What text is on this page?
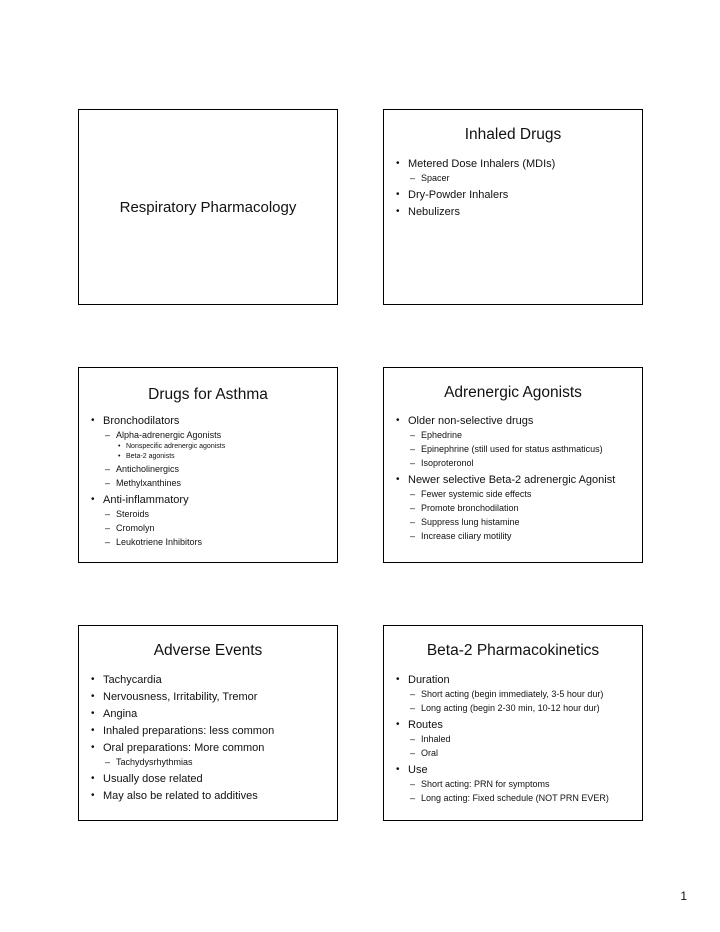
Respiratory Pharmacology
Inhaled Drugs
• Metered Dose Inhalers (MDIs)
– Spacer
• Dry-Powder Inhalers
• Nebulizers
Drugs for Asthma
• Bronchodilators
– Alpha-adrenergic Agonists
• Nonspecific adrenergic agonists
• Beta-2 agonists
– Anticholinergics
– Methylxanthines
• Anti-inflammatory
– Steroids
– Cromolyn
– Leukotriene Inhibitors
Adrenergic Agonists
• Older non-selective drugs
– Ephedrine
– Epinephrine (still used for status asthmaticus)
– Isoproteronol
• Newer selective Beta-2 adrenergic Agonist
– Fewer systemic side effects
– Promote bronchodilation
– Suppress lung histamine
– Increase ciliary motility
Adverse Events
• Tachycardia
• Nervousness, Irritability, Tremor
• Angina
• Inhaled preparations: less common
• Oral preparations: More common
– Tachydysrhythmias
• Usually dose related
• May also be related to additives
Beta-2 Pharmacokinetics
• Duration
– Short acting (begin immediately, 3-5 hour dur)
– Long acting (begin 2-30 min, 10-12 hour dur)
• Routes
– Inhaled
– Oral
• Use
– Short acting: PRN for symptoms
– Long acting: Fixed schedule (NOT PRN EVER)
1
